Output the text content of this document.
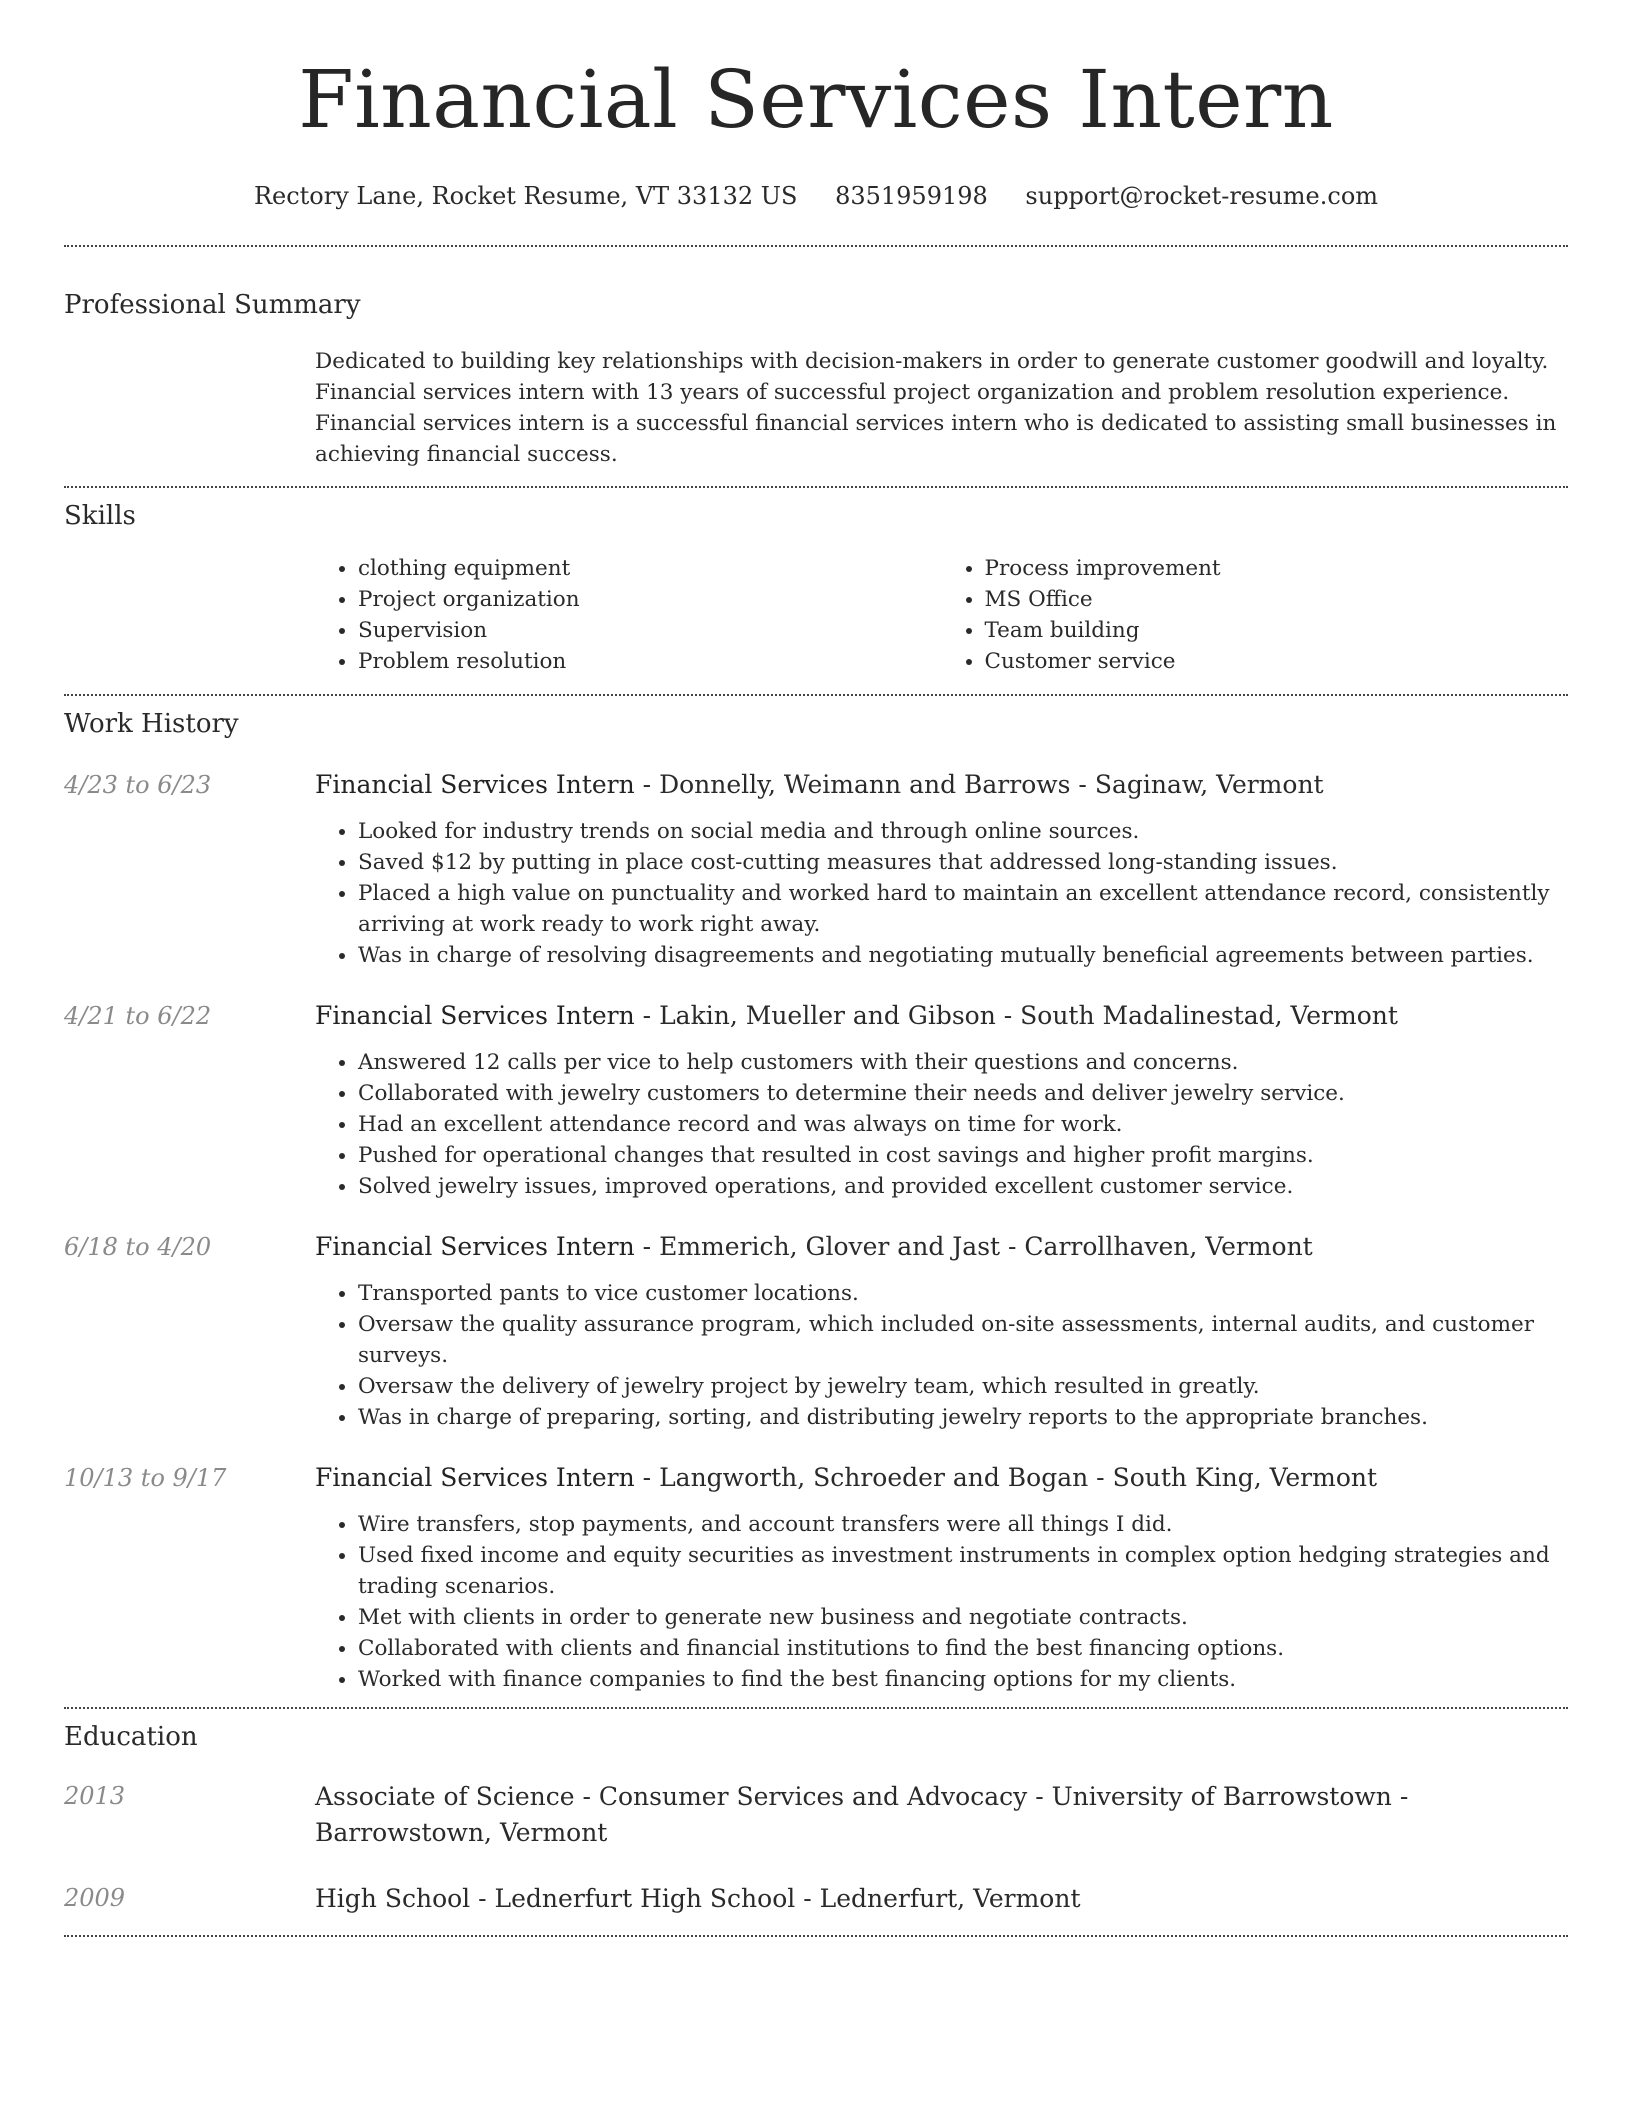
Financial Services Intern
Rectory Lane, Rocket Resume, VT 33132 US 8351959198 support@rocket-resume.com
Professional Summary
Dedicated to building key relationships with decision-makers in order to generate customer goodwill and loyalty. Financial services intern with 13 years of successful project organization and problem resolution experience. Financial services intern is a successful financial services intern who is dedicated to assisting small businesses in achieving financial success.
Skills
• clothing equipment
• Project organization
• Supervision
• Problem resolution
• Process improvement
• MS Office
• Team building
• Customer service
Work History
4/23 to 6/23	Financial Services Intern - Donnelly, Weimann and Barrows - Saginaw, Vermont
• Looked for industry trends on social media and through online sources.
• Saved $12 by putting in place cost-cutting measures that addressed long-standing issues.
• Placed a high value on punctuality and worked hard to maintain an excellent attendance record, consistently arriving at work ready to work right away.
• Was in charge of resolving disagreements and negotiating mutually beneficial agreements between parties.
4/21 to 6/22	Financial Services Intern - Lakin, Mueller and Gibson - South Madalinestad, Vermont
• Answered 12 calls per vice to help customers with their questions and concerns.
• Collaborated with jewelry customers to determine their needs and deliver jewelry service.
• Had an excellent attendance record and was always on time for work.
• Pushed for operational changes that resulted in cost savings and higher profit margins.
• Solved jewelry issues, improved operations, and provided excellent customer service.
6/18 to 4/20	Financial Services Intern - Emmerich, Glover and Jast - Carrollhaven, Vermont
• Transported pants to vice customer locations.
• Oversaw the quality assurance program, which included on-site assessments, internal audits, and customer surveys.
• Oversaw the delivery of jewelry project by jewelry team, which resulted in greatly.
• Was in charge of preparing, sorting, and distributing jewelry reports to the appropriate branches.
10/13 to 9/17	Financial Services Intern - Langworth, Schroeder and Bogan - South King, Vermont
• Wire transfers, stop payments, and account transfers were all things I did.
• Used fixed income and equity securities as investment instruments in complex option hedging strategies and trading scenarios.
• Met with clients in order to generate new business and negotiate contracts.
• Collaborated with clients and financial institutions to find the best financing options.
• Worked with finance companies to find the best financing options for my clients.
Education
2013	Associate of Science - Consumer Services and Advocacy - University of Barrowstown - Barrowstown, Vermont
2009	High School - Lednerfurt High School - Lednerfurt, Vermont
